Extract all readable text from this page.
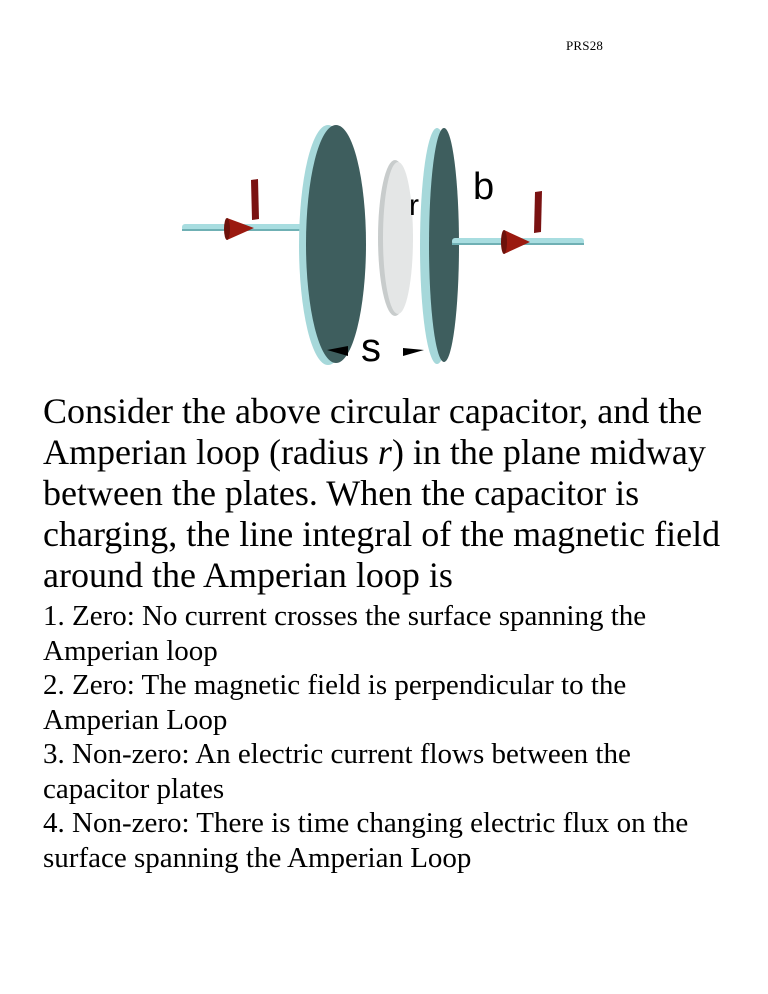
PRS28
r b
s
Consider the above circular capacitor, and the Amperian loop (radius r) in the plane midway between the plates. When the capacitor is charging, the line integral of the magnetic field around the Amperian loop is
1. Zero: No current crosses the surface spanning the Amperian loop
2. Zero: The magnetic field is perpendicular to the Amperian Loop
3. Non-zero: An electric current flows between the capacitor plates
4. Non-zero: There is time changing electric flux on the surface spanning the Amperian Loop
